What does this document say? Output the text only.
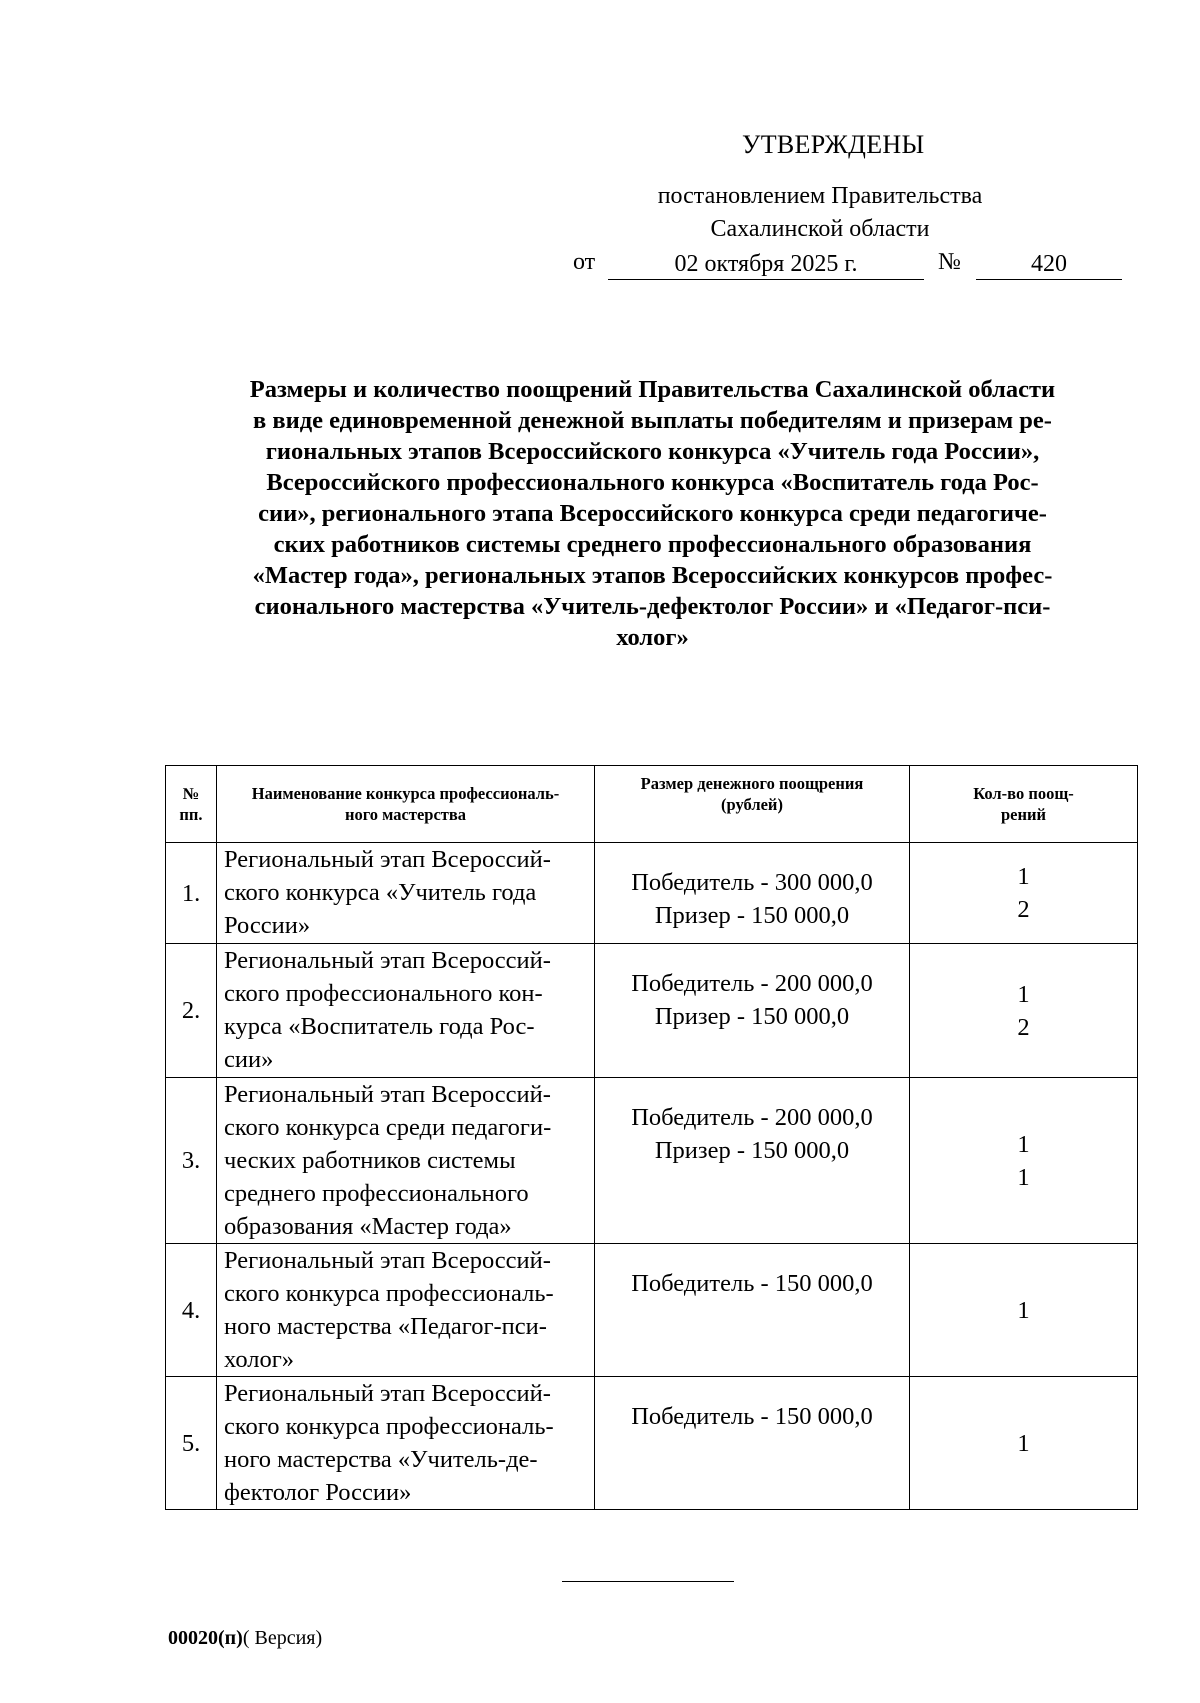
УТВЕРЖДЕНЫ
постановлением Правительства
Сахалинской области
от	02 октября 2025 г.	№	420
Размеры и количество поощрений Правительства Сахалинской области
в виде единовременной денежной выплаты победителям и призерам ре-
гиональных этапов Всероссийского конкурса «Учитель года России»,
Всероссийского профессионального конкурса «Воспитатель года Рос-
сии», регионального этапа Всероссийского конкурса среди педагогиче-
ских работников системы среднего профессионального образования
«Мастер года», региональных этапов Всероссийских конкурсов профес-
сионального мастерства «Учитель-дефектолог России» и «Педагог-пси-
холог»
№
пп.	Наименование конкурса профессиональ-
ного мастерства	Размер денежного поощрения
(рублей)	Кол-во поощ-
рений

1.	Региональный этап Всероссий-
ского конкурса «Учитель года
России»	Победитель - 300 000,0
Призер - 150 000,0	1
2

2.	Региональный этап Всероссий-
ского профессионального кон-
курса «Воспитатель года Рос-
сии»	Победитель - 200 000,0
Призер - 150 000,0	1
2

3.	Региональный этап Всероссий-
ского конкурса среди педагоги-
ческих работников системы
среднего профессионального
образования «Мастер года»	Победитель - 200 000,0
Призер - 150 000,0	1
1

4.	Региональный этап Всероссий-
ского конкурса профессиональ-
ного мастерства «Педагог-пси-
холог»	Победитель - 150 000,0	1

5.	Региональный этап Всероссий-
ского конкурса профессиональ-
ного мастерства «Учитель-де-
фектолог России»	Победитель - 150 000,0	1
00020(п)( Версия)
